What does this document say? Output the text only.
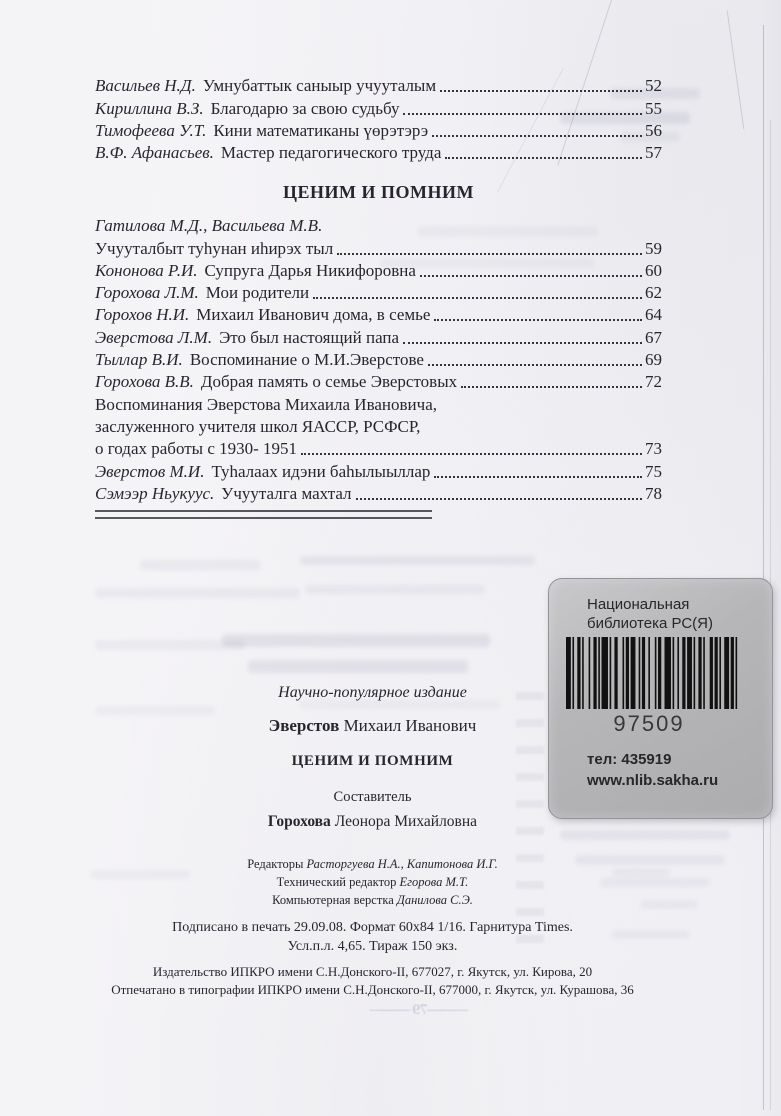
Васильев Н.Д. Умнубаттык саныыр учууталым	52
Кириллина В.З. Благодарю за свою судьбу	55
Тимофеева У.Т. Кини математиканы үөрэтэрэ	56
В.Ф. Афанасьев. Мастер педагогического труда	57
ЦЕНИМ И ПОМНИМ
Гатилова М.Д., Васильева М.В.
Учууталбыт туһунан иһирэх тыл	59
Кононова Р.И. Супруга Дарья Никифоровна	60
Горохова Л.М. Мои родители	62
Горохов Н.И. Михаил Иванович дома, в семье	64
Эверстова Л.М. Это был настоящий папа	67
Тыллар В.И. Воспоминание о М.И.Эверстове	69
Горохова В.В. Добрая память о семье Эверстовых	72
Воспоминания Эверстова Михаила Ивановича,
заслуженного учителя школ ЯАССР, РСФСР,
о годах работы с 1930- 1951	73
Эверстов М.И. Туһалаах идэни баһылыыллар	75
Сэмээр Ньукуус. Учууталга махтал	78
Научно-популярное издание
Эверстов Михаил Иванович
ЦЕНИМ И ПОМНИМ
Составитель
Горохова Леонора Михайловна
Редакторы Расторгуева Н.А., Капитонова И.Г.
Технический редактор Егорова М.Т.
Компьютерная верстка Данилова С.Э.
Подписано в печать 29.09.08. Формат 60х84 1/16. Гарнитура Times.
Усл.п.л. 4,65. Тираж 150 экз.
Издательство ИПКРО имени С.Н.Донского-II, 677027, г. Якутск, ул. Кирова, 20
Отпечатано в типографии ИПКРО имени С.Н.Донского-II, 677000, г. Якутск, ул. Курашова, 36
Национальная
библиотека РС(Я)
97509
тел: 435919
www.nlib.sakha.ru
——— 79 ———
